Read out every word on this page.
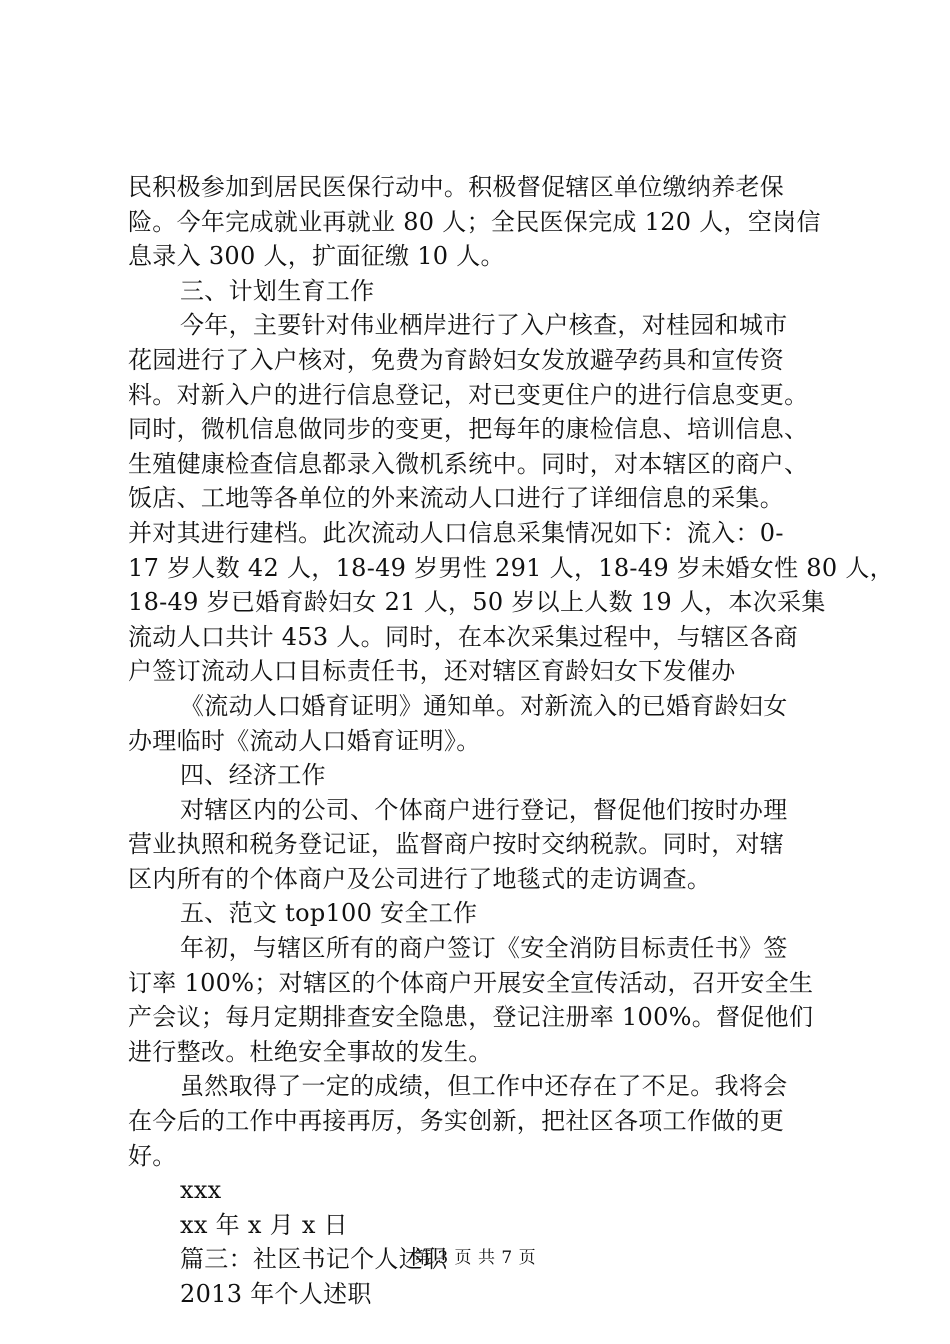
民积极参加到居民医保行动中。积极督促辖区单位缴纳养老保

险。今年完成就业再就业 80 人；全民医保完成 120 人，空岗信

息录入 300 人，扩面征缴 10 人。

三、计划生育工作

今年，主要针对伟业栖岸进行了入户核查，对桂园和城市

花园进行了入户核对，免费为育龄妇女发放避孕药具和宣传资

料。对新入户的进行信息登记，对已变更住户的进行信息变更。

同时，微机信息做同步的变更，把每年的康检信息、培训信息、

生殖健康检查信息都录入微机系统中。同时，对本辖区的商户、

饭店、工地等各单位的外来流动人口进行了详细信息的采集。

并对其进行建档。此次流动人口信息采集情况如下：流入：0-

17 岁人数 42 人，18-49 岁男性 291 人，18-49 岁未婚女性 80 人，

18-49 岁已婚育龄妇女 21 人，50 岁以上人数 19 人，本次采集

流动人口共计 453 人。同时，在本次采集过程中，与辖区各商

户签订流动人口目标责任书，还对辖区育龄妇女下发催办

《流动人口婚育证明》通知单。对新流入的已婚育龄妇女

办理临时《流动人口婚育证明》。

四、经济工作

对辖区内的公司、个体商户进行登记，督促他们按时办理

营业执照和税务登记证，监督商户按时交纳税款。同时，对辖

区内所有的个体商户及公司进行了地毯式的走访调查。

五、范文 top100 安全工作

年初，与辖区所有的商户签订《安全消防目标责任书》签

订率 100%；对辖区的个体商户开展安全宣传活动，召开安全生

产会议；每月定期排查安全隐患，登记注册率 100%。督促他们

进行整改。杜绝安全事故的发生。

虽然取得了一定的成绩，但工作中还存在了不足。我将会

在今后的工作中再接再厉，务实创新，把社区各项工作做的更

好。

xxx

xx 年 x 月 x 日

篇三：社区书记个人述职

2013 年个人述职

第 3 页 共 7 页
